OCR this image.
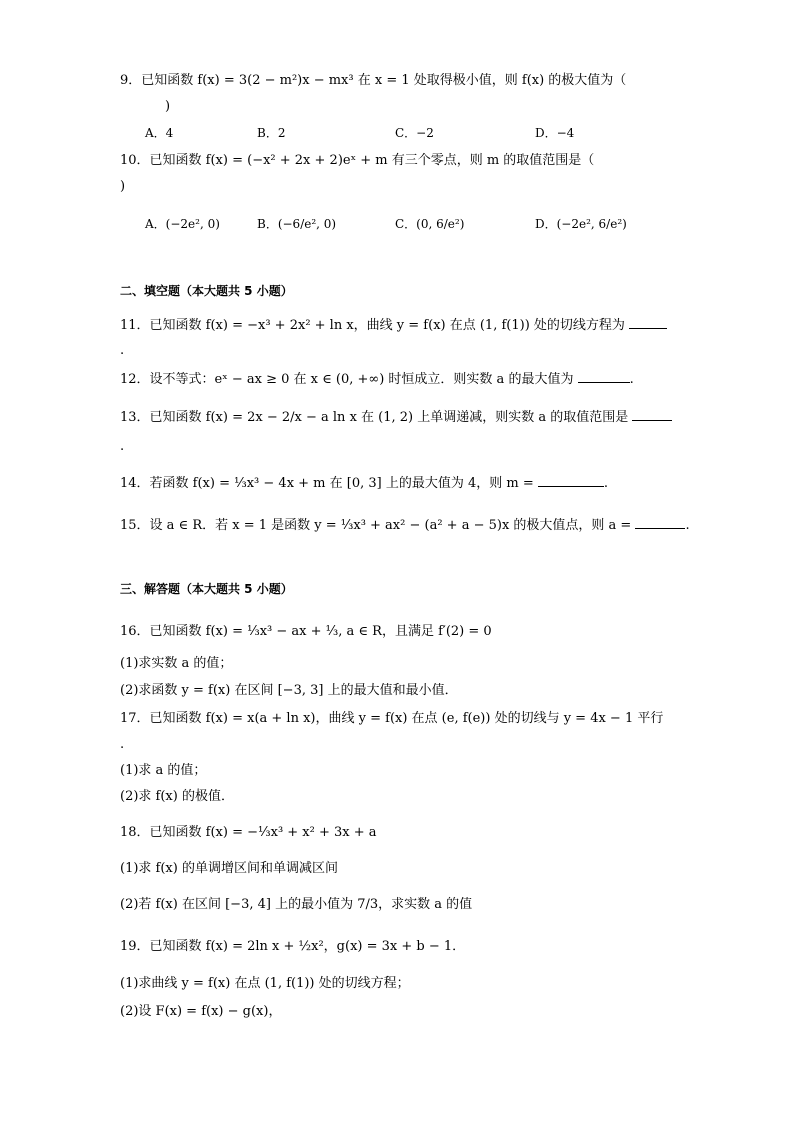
9．已知函数 f(x) = 3(2 − m²)x − mx³ 在 x = 1 处取得极小值，则 f(x) 的极大值为（
)
A．4	B．2	C．−2	D．−4
10．已知函数 f(x) = (−x² + 2x + 2)eˣ + m 有三个零点，则 m 的取值范围是（
)
A．(−2e², 0)	B．(−6/e², 0)	C．(0, 6/e²)	D．(−2e², 6/e²)
二、填空题（本大题共 5 小题）
11．已知函数 f(x) = −x³ + 2x² + ln x，曲线 y = f(x) 在点 (1, f(1)) 处的切线方程为
.
12．设不等式：eˣ − ax ≥ 0 在 x ∈ (0, +∞) 时恒成立．则实数 a 的最大值为	.
13．已知函数 f(x) = 2x − 2/x − a ln x 在 (1, 2) 上单调递减，则实数 a 的取值范围是
.
14．若函数 f(x) = ⅓x³ − 4x + m 在 [0, 3] 上的最大值为 4，则 m =	.
15．设 a ∈ R．若 x = 1 是函数 y = ⅓x³ + ax² − (a² + a − 5)x 的极大值点，则 a =	.
三、解答题（本大题共 5 小题）
16．已知函数 f(x) = ⅓x³ − ax + ⅓, a ∈ R，且满足 f′(2) = 0
(1)求实数 a 的值；
(2)求函数 y = f(x) 在区间 [−3, 3] 上的最大值和最小值．
17．已知函数 f(x) = x(a + ln x)，曲线 y = f(x) 在点 (e, f(e)) 处的切线与 y = 4x − 1 平行
.
(1)求 a 的值；
(2)求 f(x) 的极值．
18．已知函数 f(x) = −⅓x³ + x² + 3x + a
(1)求 f(x) 的单调增区间和单调减区间
(2)若 f(x) 在区间 [−3, 4] 上的最小值为 7/3，求实数 a 的值
19．已知函数 f(x) = 2ln x + ½x²，g(x) = 3x + b − 1．
(1)求曲线 y = f(x) 在点 (1, f(1)) 处的切线方程；
(2)设 F(x) = f(x) − g(x)，
